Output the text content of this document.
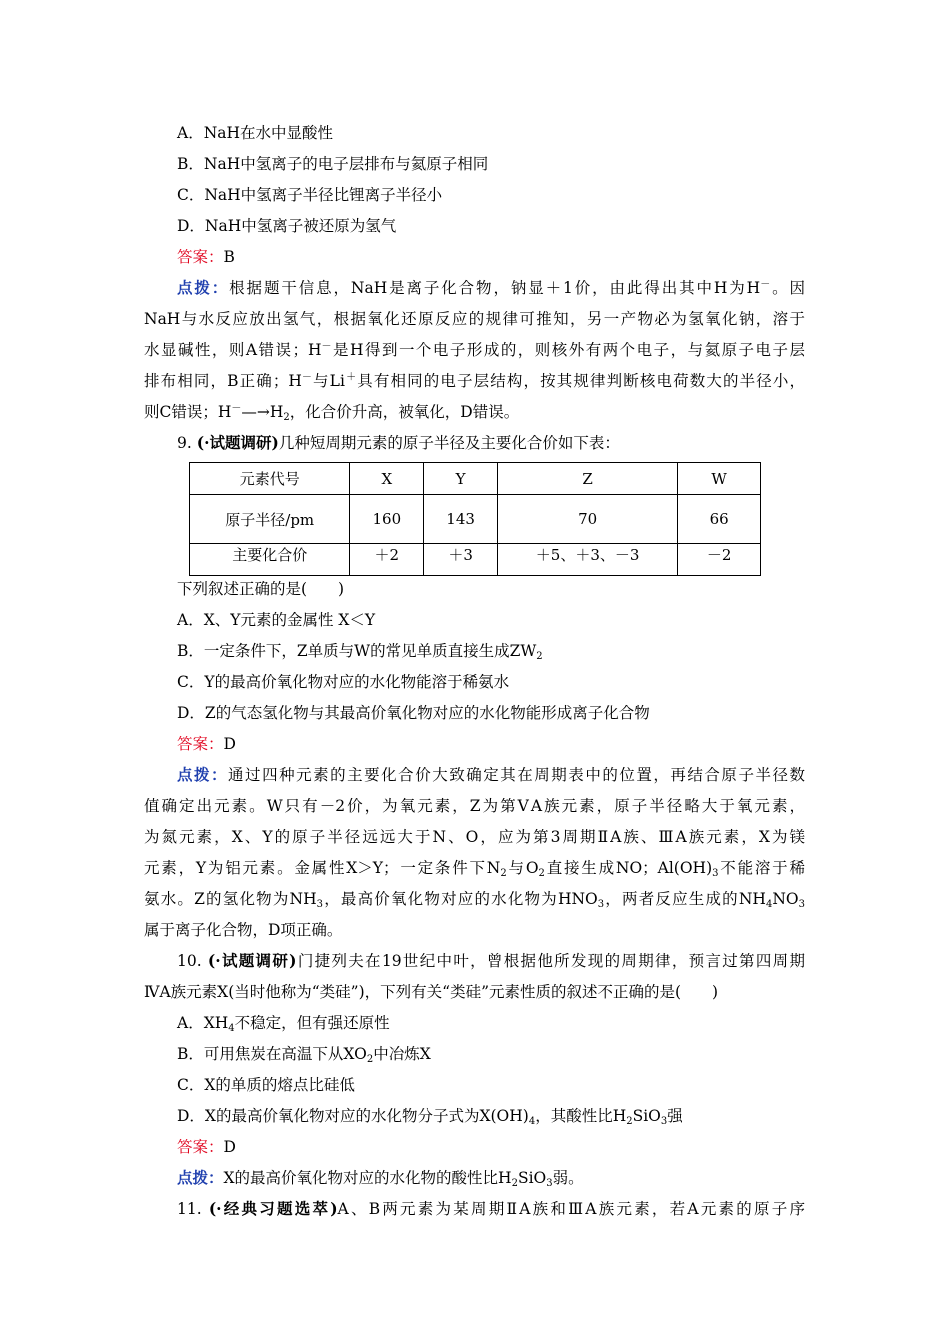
A．NaH在水中显酸性
B．NaH中氢离子的电子层排布与氦原子相同
C．NaH中氢离子半径比锂离子半径小
D．NaH中氢离子被还原为氢气
答案：B
点拨：根据题干信息，NaH是离子化合物，钠显＋1价，由此得出其中H为H－。因
NaH与水反应放出氢气，根据氧化还原反应的规律可推知，另一产物必为氢氧化钠，溶于
水显碱性，则A错误；H－是H得到一个电子形成的，则核外有两个电子，与氦原子电子层
排布相同，B正确；H－与Li＋具有相同的电子层结构，按其规律判断核电荷数大的半径小，
则C错误；$H^-—\to H_2$，化合价升高，被氧化，D错误。
9. (·试题调研)几种短周期元素的原子半径及主要化合价如下表：
元素代号	X	Y	Z	W
原子半径/pm	160	143	70	66
主要化合价	＋2	＋3	＋5、＋3、－3	－2
下列叙述正确的是(　　)
A．X、Y元素的金属性 X＜Y
B．一定条件下，Z单质与W的常见单质直接生成$ZW_2$
C．Y的最高价氧化物对应的水化物能溶于稀氨水
D．Z的气态氢化物与其最高价氧化物对应的水化物能形成离子化合物
答案：D
点拨：通过四种元素的主要化合价大致确定其在周期表中的位置，再结合原子半径数
值确定出元素。W只有－2价，为氧元素，Z为第ⅤA族元素，原子半径略大于氧元素，
为氮元素，X、Y的原子半径远远大于N、O，应为第3周期ⅡA族、ⅢA族元素，X为镁
元素，Y为铝元素。金属性X＞Y；一定条件下$N_2$与$O_2$直接生成NO；$Al(OH)_3$不能溶于稀
氨水。Z的氢化物为$NH_3$，最高价氧化物对应的水化物为$HNO_3$，两者反应生成的$NH_4NO_3$
属于离子化合物，D项正确。
10. (·试题调研)门捷列夫在19世纪中叶，曾根据他所发现的周期律，预言过第四周期
ⅣA族元素X(当时他称为“类硅”)，下列有关“类硅”元素性质的叙述不正确的是(　　)
A．$XH_4$不稳定，但有强还原性
B．可用焦炭在高温下从$XO_2$中冶炼X
C．X的单质的熔点比硅低
D．X的最高价氧化物对应的水化物分子式为$X(OH)_4$，其酸性比$H_2SiO_3$强
答案：D
点拨：X的最高价氧化物对应的水化物的酸性比$H_2SiO_3$弱。
11. (·经典习题选萃)A、B两元素为某周期ⅡA族和ⅢA族元素，若A元素的原子序
